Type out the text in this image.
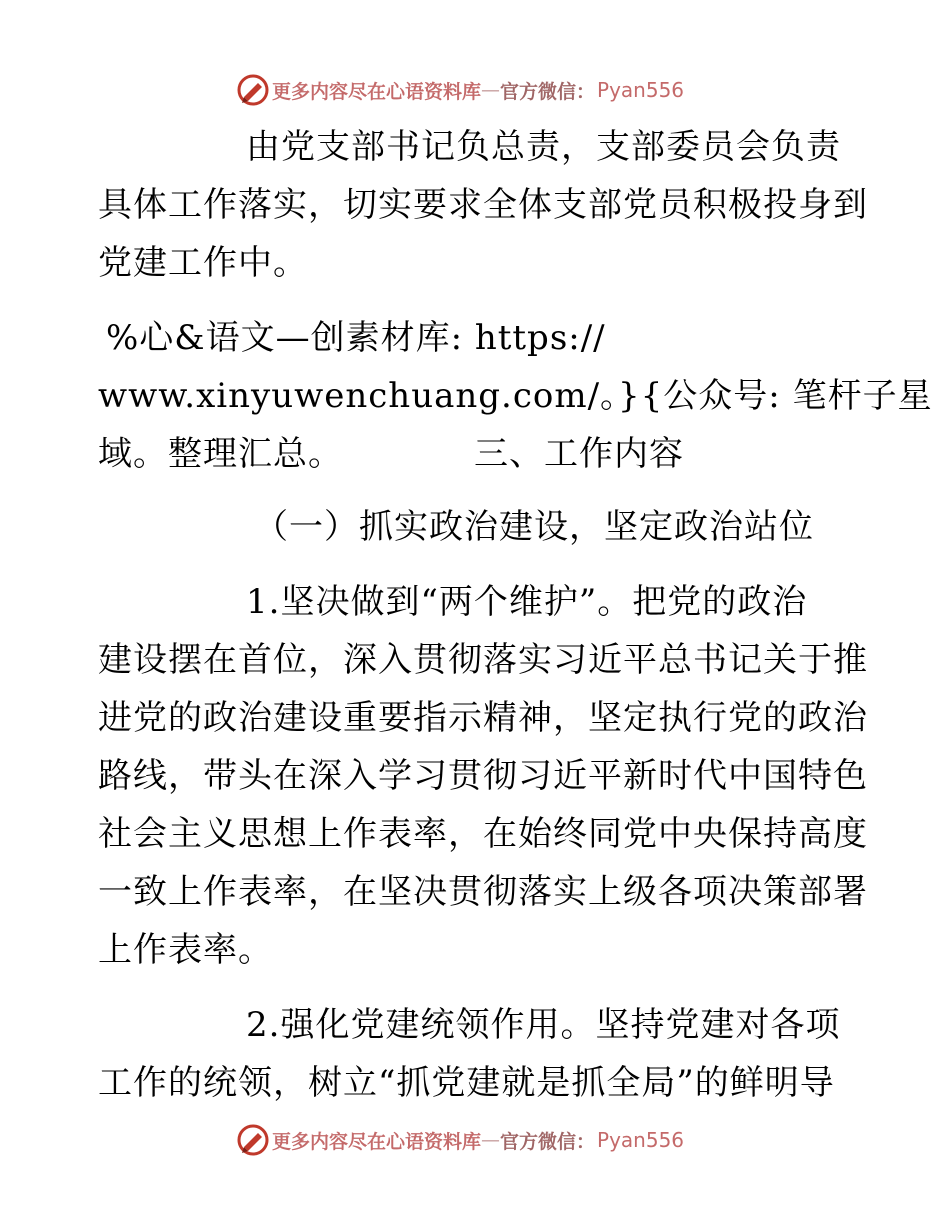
更多内容尽在心语资料库 — 官方微信： Pyan556
由党支部书记负总责，支部委员会负责
具体工作落实，切实要求全体支部党员积极投身到
党建工作中。
%心&语文—创素材库: https://
www.xinyuwenchuang.com/。}{公众号: 笔杆子星
域。整理汇总。	三、工作内容
（一）抓实政治建设，坚定政治站位
1.坚决做到“两个维护”。把党的政治
建设摆在首位，深入贯彻落实习近平总书记关于推
进党的政治建设重要指示精神，坚定执行党的政治
路线，带头在深入学习贯彻习近平新时代中国特色
社会主义思想上作表率，在始终同党中央保持高度
一致上作表率，在坚决贯彻落实上级各项决策部署
上作表率。
2.强化党建统领作用。坚持党建对各项
工作的统领，树立“抓党建就是抓全局”的鲜明导
更多内容尽在心语资料库 — 官方微信： Pyan556
